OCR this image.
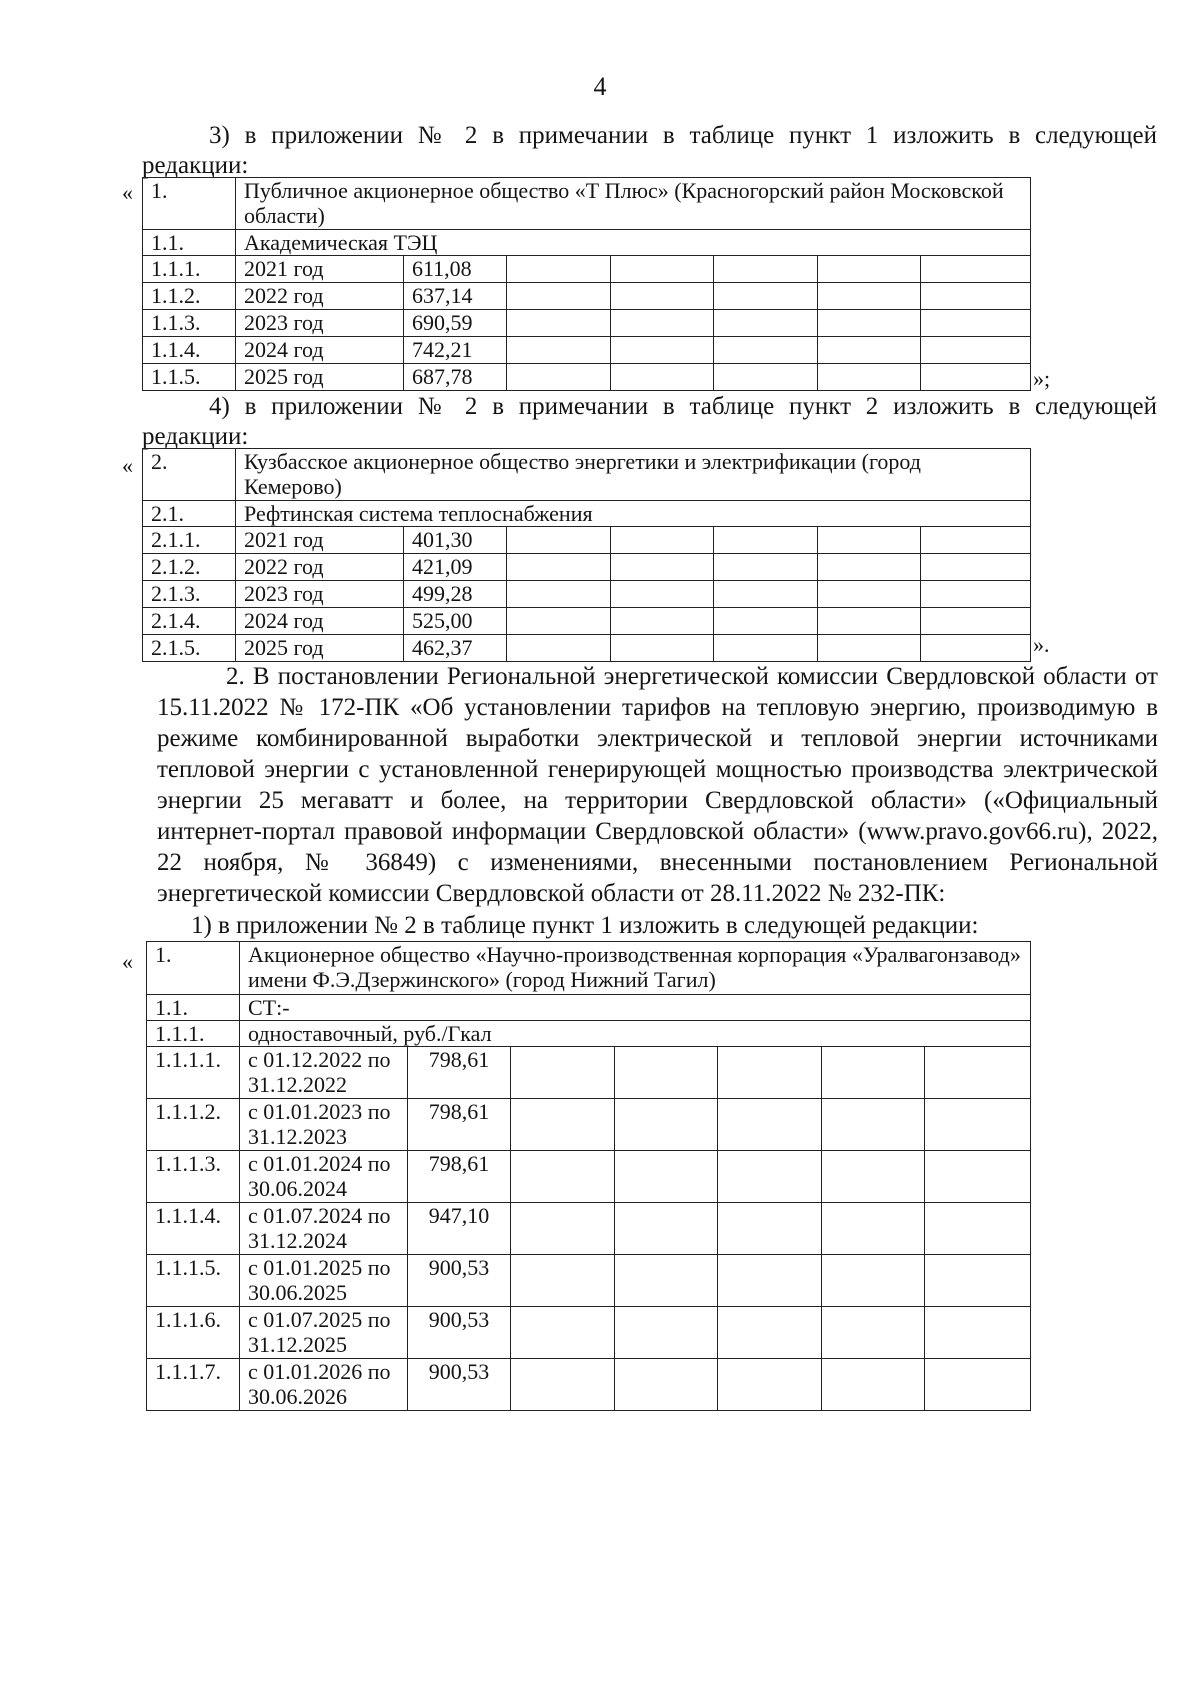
4
3) в приложении № 2 в примечании в таблице пункт 1 изложить в следующей
редакции:
« 1.	Публичное акционерное общество «Т Плюс» (Красногорский район Московской области)						
1.1.	Академическая ТЭЦ						
1.1.1.	2021 год	611,08					
1.1.2.	2022 год	637,14					
1.1.3.	2023 год	690,59					
1.1.4.	2024 год	742,21					
1.1.5.	2025 год	687,78						»;
4) в приложении № 2 в примечании в таблице пункт 2 изложить в следующей
редакции:
« 2.	Кузбасское акционерное общество энергетики и электрификации (город Кемерово)						
2.1.	Рефтинская система теплоснабжения						
2.1.1.	2021 год	401,30					
2.1.2.	2022 год	421,09					
2.1.3.	2023 год	499,28					
2.1.4.	2024 год	525,00					
2.1.5.	2025 год	462,37						».
2. В постановлении Региональной энергетической комиссии Свердловской области от 15.11.2022 № 172-ПК «Об установлении тарифов на тепловую энергию, производимую в режиме комбинированной выработки электрической и тепловой энергии источниками тепловой энергии с установленной генерирующей мощностью производства электрической энергии 25 мегаватт и более, на территории Свердловской области» («Официальный интернет-портал правовой информации Свердловской области» (www.pravo.gov66.ru), 2022, 22 ноября, № 36849) с изменениями, внесенными постановлением Региональной энергетической комиссии Свердловской области от 28.11.2022 № 232-ПК:
1) в приложении № 2 в таблице пункт 1 изложить в следующей редакции:
« 1.	Акционерное общество «Научно-производственная корпорация «Уралвагонзавод» имени Ф.Э.Дзержинского» (город Нижний Тагил)						
1.1.	СТ:-						
1.1.1.	одноставочный, руб./Гкал						
1.1.1.1.	с 01.12.2022 по 31.12.2022	798,61					
1.1.1.2.	с 01.01.2023 по 31.12.2023	798,61					
1.1.1.3.	с 01.01.2024 по 30.06.2024	798,61					
1.1.1.4.	с 01.07.2024 по 31.12.2024	947,10					
1.1.1.5.	с 01.01.2025 по 30.06.2025	900,53					
1.1.1.6.	с 01.07.2025 по 31.12.2025	900,53					
1.1.1.7.	с 01.01.2026 по 30.06.2026	900,53					
